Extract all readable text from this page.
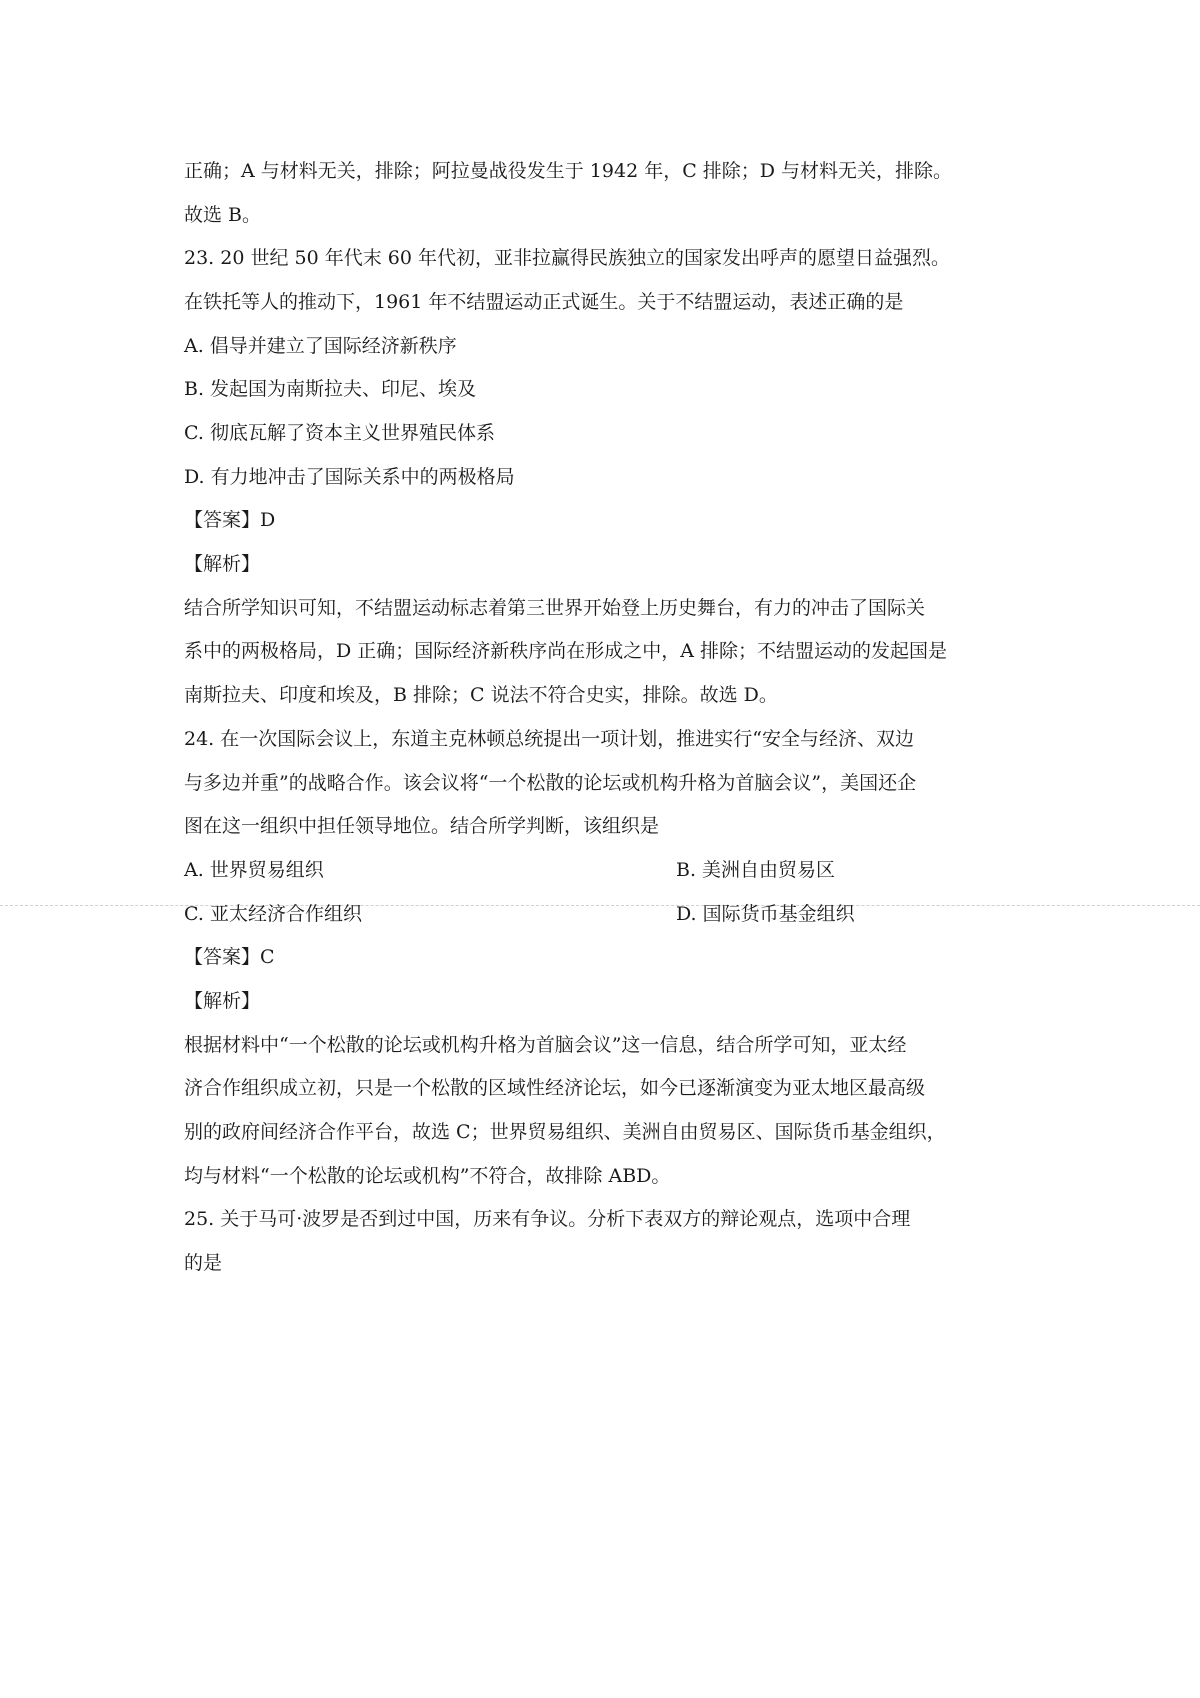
正确；A 与材料无关，排除；阿拉曼战役发生于 1942 年，C 排除；D 与材料无关，排除。
故选 B。
23. 20 世纪 50 年代末 60 年代初，亚非拉赢得民族独立的国家发出呼声的愿望日益强烈。
在铁托等人的推动下，1961 年不结盟运动正式诞生。关于不结盟运动，表述正确的是
A. 倡导并建立了国际经济新秩序
B. 发起国为南斯拉夫、印尼、埃及
C. 彻底瓦解了资本主义世界殖民体系
D. 有力地冲击了国际关系中的两极格局
【答案】D
【解析】
结合所学知识可知，不结盟运动标志着第三世界开始登上历史舞台，有力的冲击了国际关
系中的两极格局，D 正确；国际经济新秩序尚在形成之中，A 排除；不结盟运动的发起国是
南斯拉夫、印度和埃及，B 排除；C 说法不符合史实，排除。故选 D。
24. 在一次国际会议上，东道主克林顿总统提出一项计划，推进实行“安全与经济、双边
与多边并重”的战略合作。该会议将“一个松散的论坛或机构升格为首脑会议”，美国还企
图在这一组织中担任领导地位。结合所学判断，该组织是
A. 世界贸易组织	B. 美洲自由贸易区
C. 亚太经济合作组织	D. 国际货币基金组织
【答案】C
【解析】
根据材料中“一个松散的论坛或机构升格为首脑会议”这一信息，结合所学可知，亚太经
济合作组织成立初，只是一个松散的区域性经济论坛，如今已逐渐演变为亚太地区最高级
别的政府间经济合作平台，故选 C；世界贸易组织、美洲自由贸易区、国际货币基金组织，
均与材料“一个松散的论坛或机构”不符合，故排除 ABD。
25. 关于马可·波罗是否到过中国，历来有争议。分析下表双方的辩论观点，选项中合理
的是
